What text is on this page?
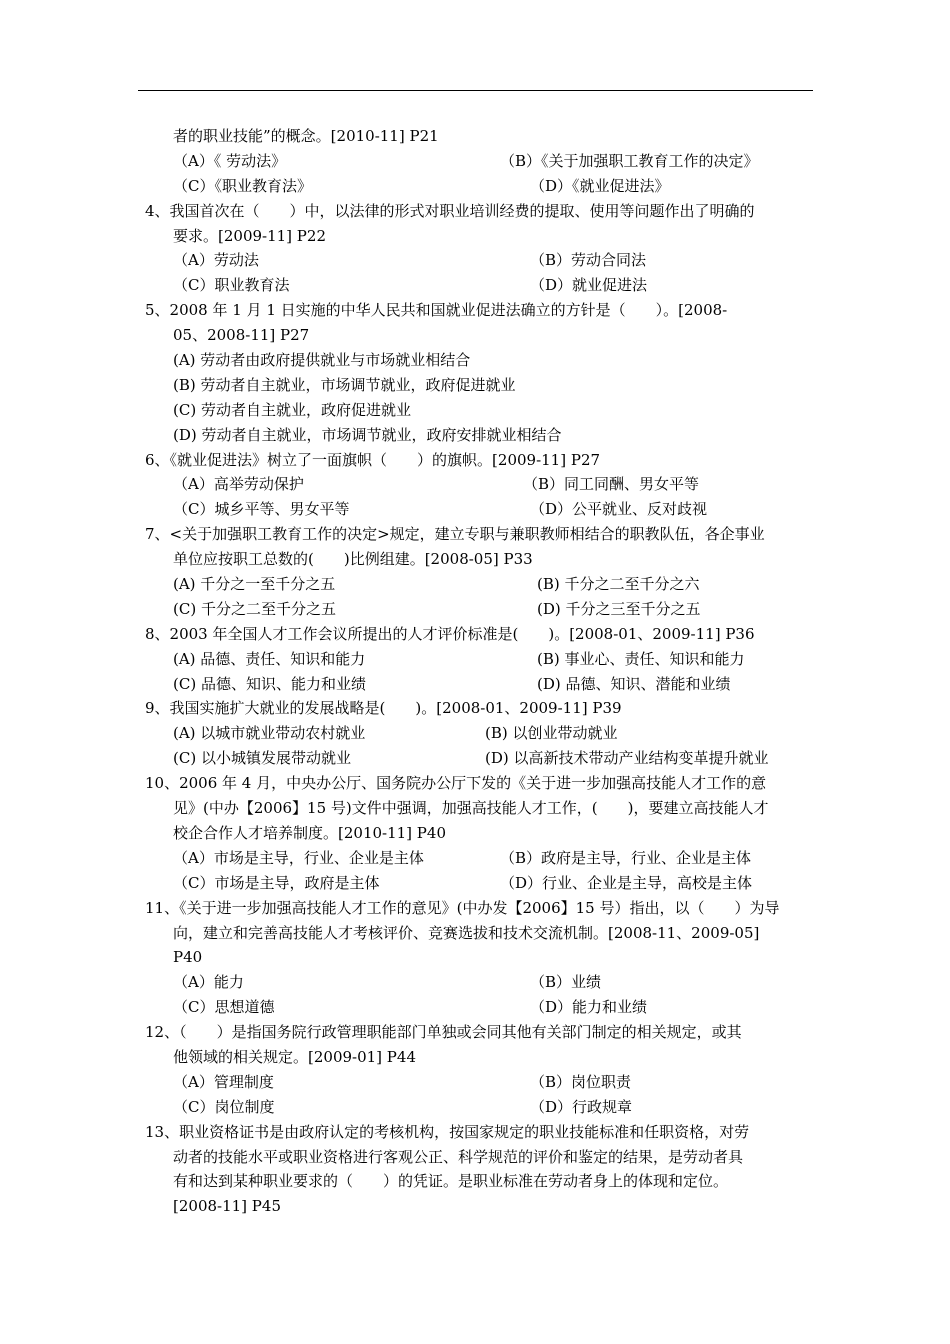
者的职业技能”的概念。[2010-11] P21
（A）《 劳动法》	（B）《关于加强职工教育工作的决定》
（C）《职业教育法》	（D）《就业促进法》
4、我国首次在（　　）中，以法律的形式对职业培训经费的提取、使用等问题作出了明确的
要求。[2009-11] P22
（A）劳动法	（B）劳动合同法
（C）职业教育法	（D）就业促进法
5、2008 年 1 月 1 日实施的中华人民共和国就业促进法确立的方针是（　　）。[2008-
05、2008-11] P27
(A) 劳动者由政府提供就业与市场就业相结合
(B) 劳动者自主就业，市场调节就业，政府促进就业
(C) 劳动者自主就业，政府促进就业
(D) 劳动者自主就业，市场调节就业，政府安排就业相结合
6、《就业促进法》树立了一面旗帜（　　）的旗帜。[2009-11] P27
（A）高举劳动保护	（B）同工同酬、男女平等
（C）城乡平等、男女平等	（D）公平就业、反对歧视
7、<关于加强职工教育工作的决定>规定，建立专职与兼职教师相结合的职教队伍，各企事业
单位应按职工总数的(　　)比例组建。[2008-05] P33
(A) 千分之一至千分之五	(B) 千分之二至千分之六
(C) 千分之二至千分之五	(D) 千分之三至千分之五
8、2003 年全国人才工作会议所提出的人才评价标准是(　　)。[2008-01、2009-11] P36
(A) 品德、责任、知识和能力	(B) 事业心、责任、知识和能力
(C) 品德、知识、能力和业绩	(D) 品德、知识、潜能和业绩
9、我国实施扩大就业的发展战略是(　　)。[2008-01、2009-11] P39
(A) 以城市就业带动农村就业	(B) 以创业带动就业
(C) 以小城镇发展带动就业	(D) 以高新技术带动产业结构变革提升就业
10、2006 年 4 月，中央办公厅、国务院办公厅下发的《关于进一步加强高技能人才工作的意
见》(中办【2006】15 号)文件中强调，加强高技能人才工作，(　　)，要建立高技能人才
校企合作人才培养制度。[2010-11] P40
（A）市场是主导，行业、企业是主体	（B）政府是主导，行业、企业是主体
（C）市场是主导，政府是主体	（D）行业、企业是主导，高校是主体
11、《关于进一步加强高技能人才工作的意见》(中办发【2006】15 号）指出，以（　　）为导
向，建立和完善高技能人才考核评价、竞赛选拔和技术交流机制。[2008-11、2009-05]
P40
（A）能力	（B）业绩
（C）思想道德	（D）能力和业绩
12、（　　）是指国务院行政管理职能部门单独或会同其他有关部门制定的相关规定，或其
他领域的相关规定。[2009-01] P44
（A）管理制度	（B）岗位职责
（C）岗位制度	（D）行政规章
13、职业资格证书是由政府认定的考核机构，按国家规定的职业技能标准和任职资格，对劳
动者的技能水平或职业资格进行客观公正、科学规范的评价和鉴定的结果，是劳动者具
有和达到某种职业要求的（　　）的凭证。是职业标准在劳动者身上的体现和定位。
[2008-11] P45
